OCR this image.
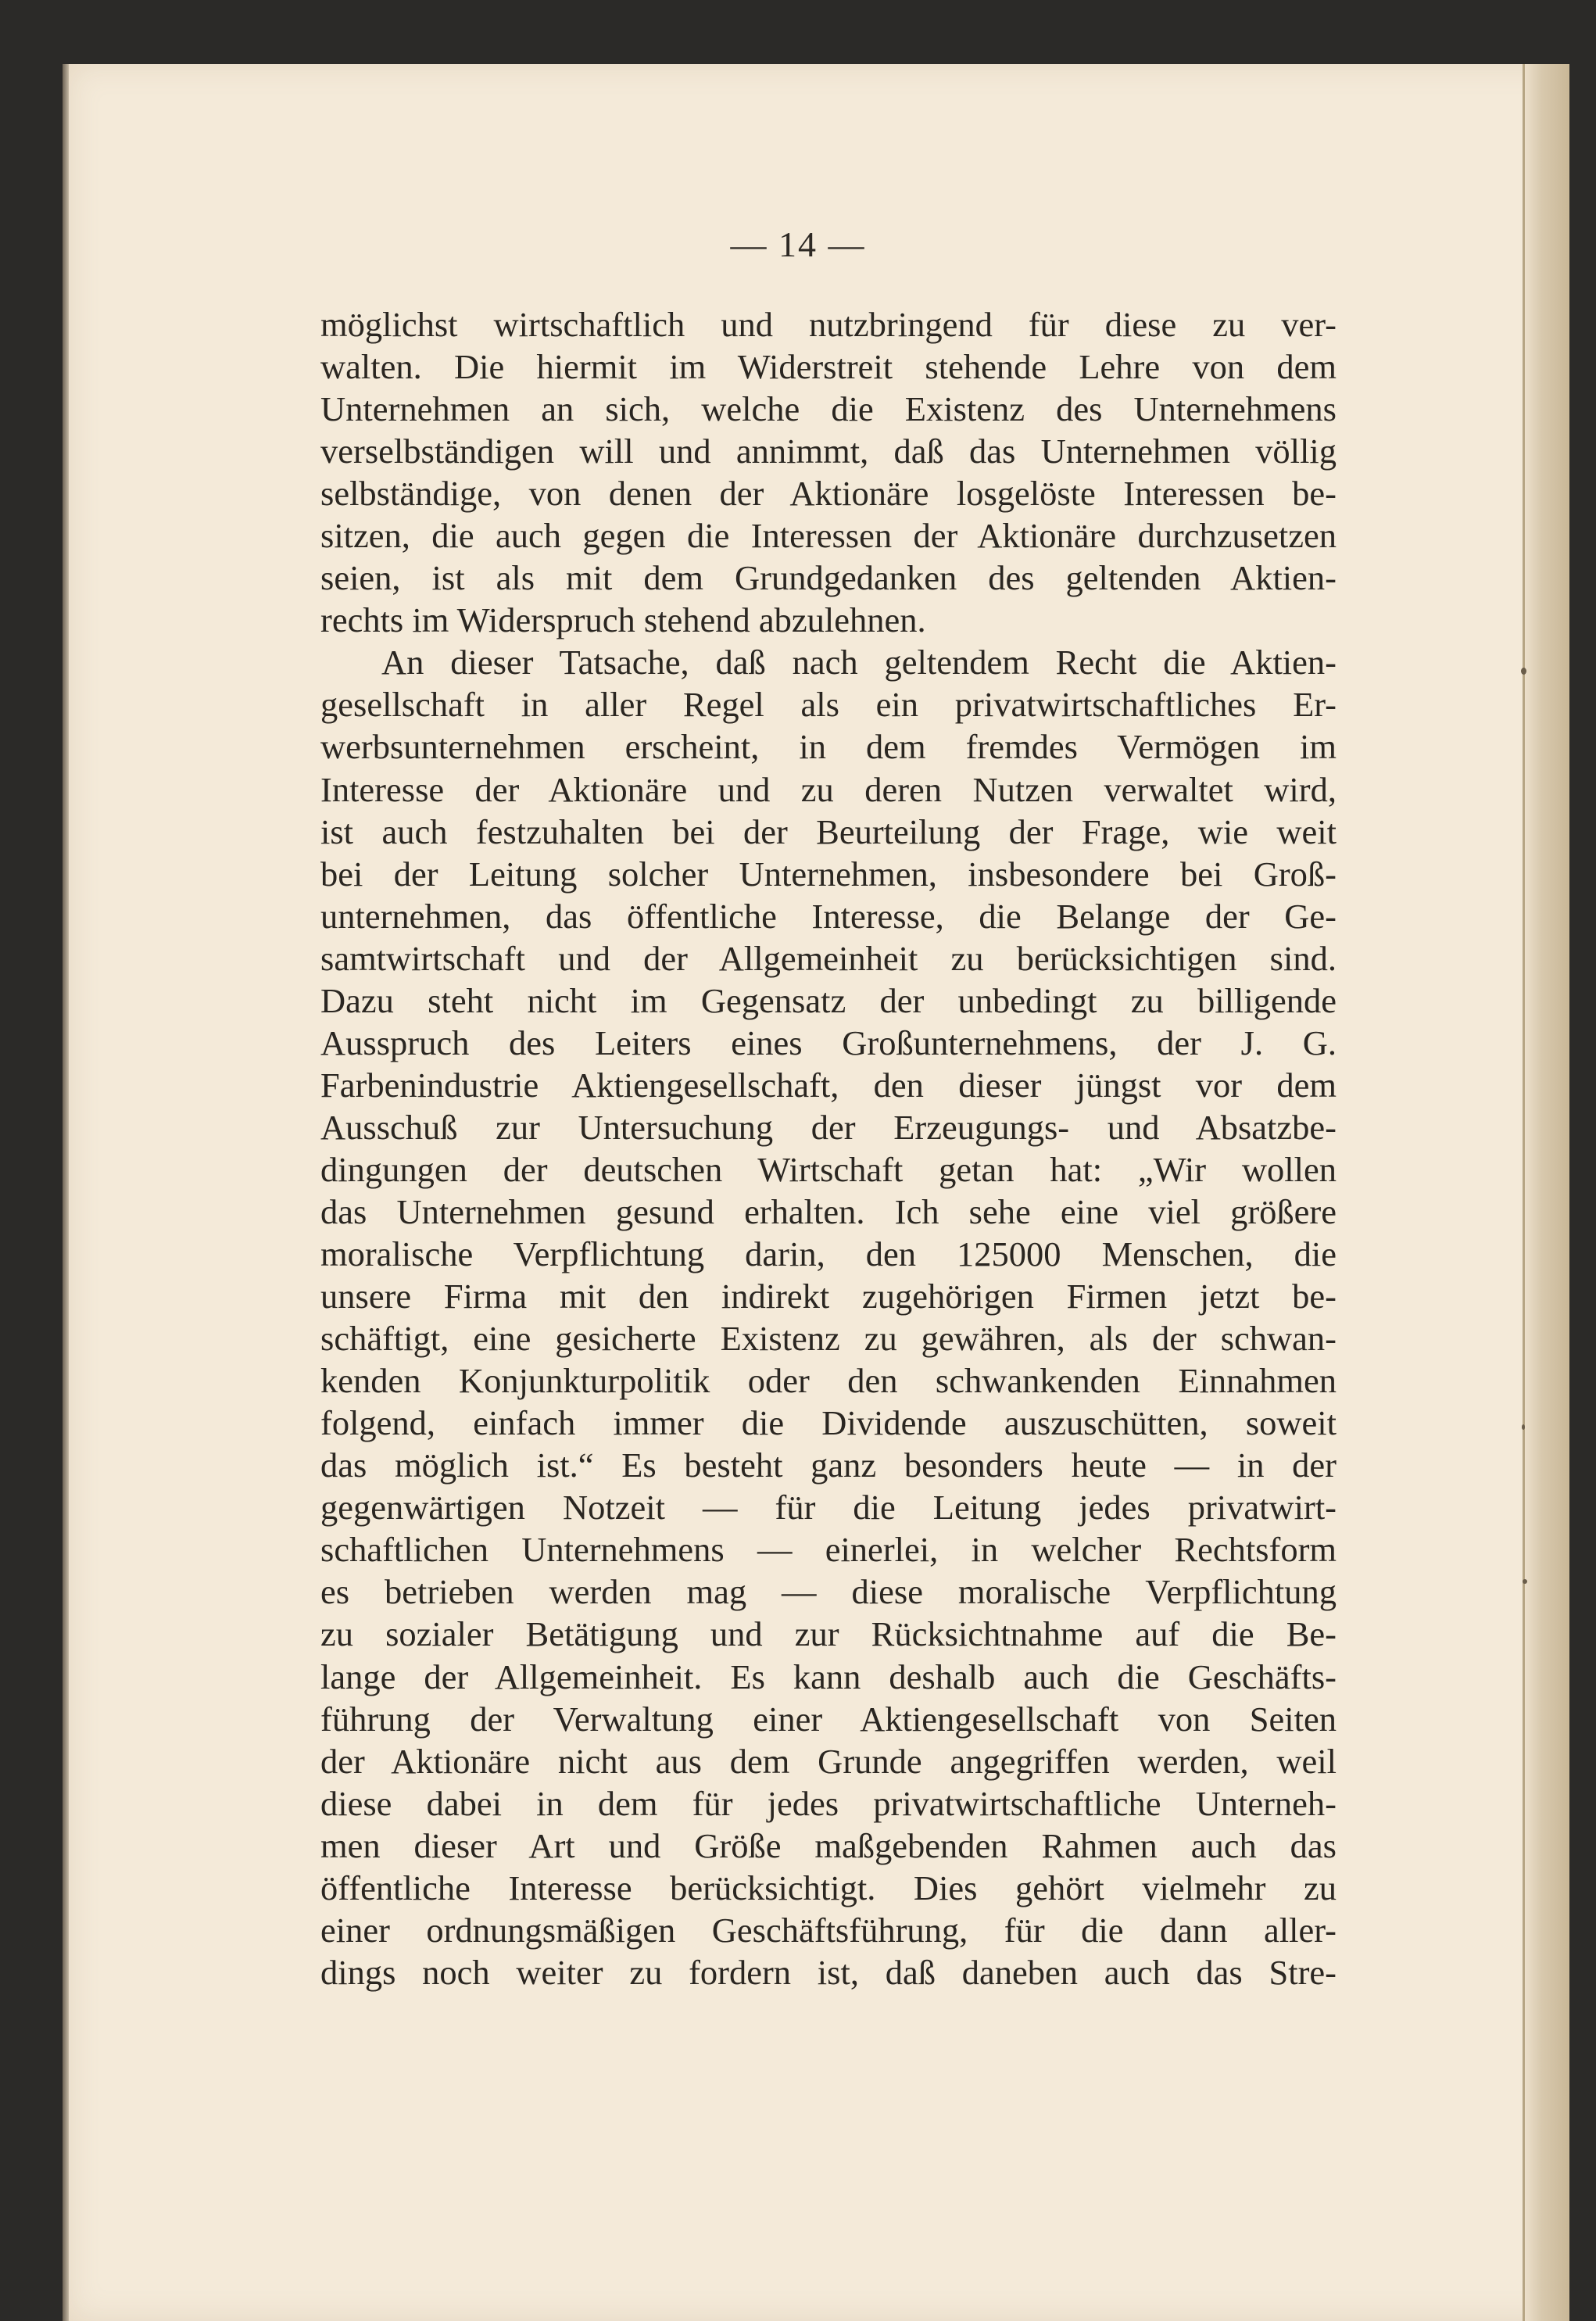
— 14 —
möglichst wirtschaftlich und nutzbringend für diese zu ver-
walten. Die hiermit im Widerstreit stehende Lehre von dem
Unternehmen an sich, welche die Existenz des Unternehmens
verselbständigen will und annimmt, daß das Unternehmen völlig
selbständige, von denen der Aktionäre losgelöste Interessen be-
sitzen, die auch gegen die Interessen der Aktionäre durchzusetzen
seien, ist als mit dem Grundgedanken des geltenden Aktien-
rechts im Widerspruch stehend abzulehnen.
An dieser Tatsache, daß nach geltendem Recht die Aktien-
gesellschaft in aller Regel als ein privatwirtschaftliches Er-
werbsunternehmen erscheint, in dem fremdes Vermögen im
Interesse der Aktionäre und zu deren Nutzen verwaltet wird,
ist auch festzuhalten bei der Beurteilung der Frage, wie weit
bei der Leitung solcher Unternehmen, insbesondere bei Groß-
unternehmen, das öffentliche Interesse, die Belange der Ge-
samtwirtschaft und der Allgemeinheit zu berücksichtigen sind.
Dazu steht nicht im Gegensatz der unbedingt zu billigende
Ausspruch des Leiters eines Großunternehmens, der J. G.
Farbenindustrie Aktiengesellschaft, den dieser jüngst vor dem
Ausschuß zur Untersuchung der Erzeugungs- und Absatzbe-
dingungen der deutschen Wirtschaft getan hat: „Wir wollen
das Unternehmen gesund erhalten. Ich sehe eine viel größere
moralische Verpflichtung darin, den 125000 Menschen, die
unsere Firma mit den indirekt zugehörigen Firmen jetzt be-
schäftigt, eine gesicherte Existenz zu gewähren, als der schwan-
kenden Konjunkturpolitik oder den schwankenden Einnahmen
folgend, einfach immer die Dividende auszuschütten, soweit
das möglich ist.“ Es besteht ganz besonders heute — in der
gegenwärtigen Notzeit — für die Leitung jedes privatwirt-
schaftlichen Unternehmens — einerlei, in welcher Rechtsform
es betrieben werden mag — diese moralische Verpflichtung
zu sozialer Betätigung und zur Rücksichtnahme auf die Be-
lange der Allgemeinheit. Es kann deshalb auch die Geschäfts-
führung der Verwaltung einer Aktiengesellschaft von Seiten
der Aktionäre nicht aus dem Grunde angegriffen werden, weil
diese dabei in dem für jedes privatwirtschaftliche Unterneh-
men dieser Art und Größe maßgebenden Rahmen auch das
öffentliche Interesse berücksichtigt. Dies gehört vielmehr zu
einer ordnungsmäßigen Geschäftsführung, für die dann aller-
dings noch weiter zu fordern ist, daß daneben auch das Stre-
